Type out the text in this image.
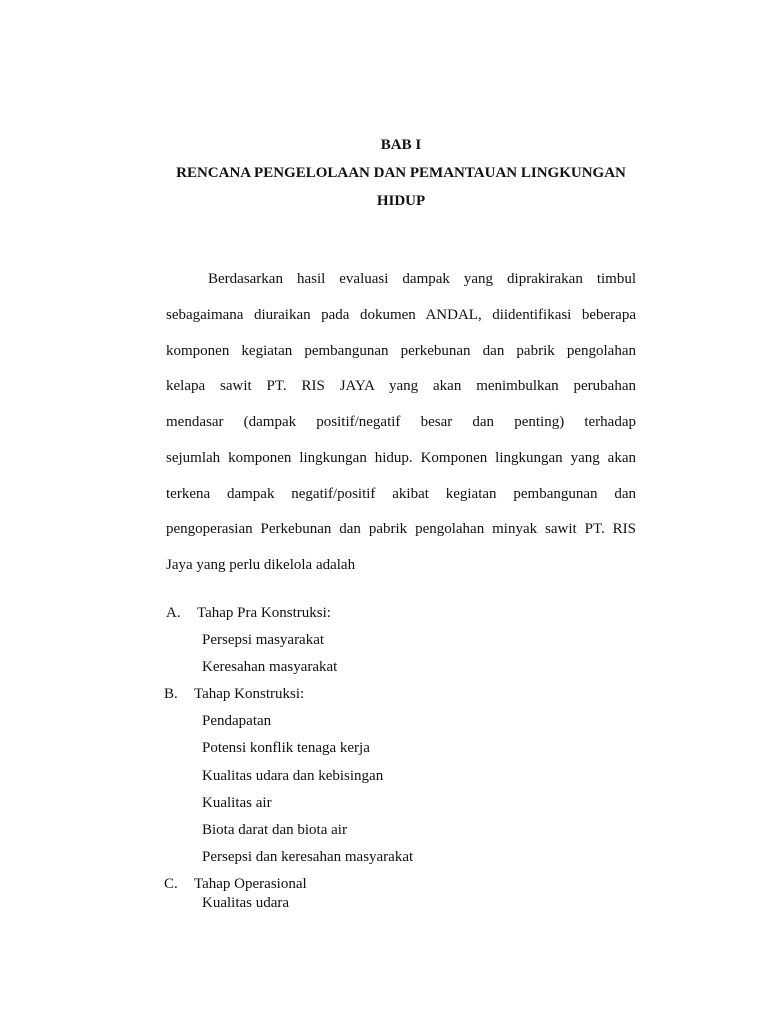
BAB I
RENCANA PENGELOLAAN DAN PEMANTAUAN LINGKUNGAN
HIDUP
Berdasarkan hasil evaluasi dampak yang diprakirakan timbul
sebagaimana diuraikan pada dokumen ANDAL, diidentifikasi beberapa
komponen kegiatan pembangunan perkebunan dan pabrik pengolahan
kelapa sawit PT. RIS JAYA yang akan menimbulkan perubahan
mendasar (dampak positif/negatif besar dan penting) terhadap
sejumlah komponen lingkungan hidup. Komponen lingkungan yang akan
terkena dampak negatif/positif akibat kegiatan pembangunan dan
pengoperasian Perkebunan dan pabrik pengolahan minyak sawit PT. RIS
Jaya yang perlu dikelola adalah
A. Tahap Pra Konstruksi:
Persepsi masyarakat
Keresahan masyarakat
B. Tahap Konstruksi:
Pendapatan
Potensi konflik tenaga kerja
Kualitas udara dan kebisingan
Kualitas air
Biota darat dan biota air
Persepsi dan keresahan masyarakat
C. Tahap Operasional
Kualitas udara
